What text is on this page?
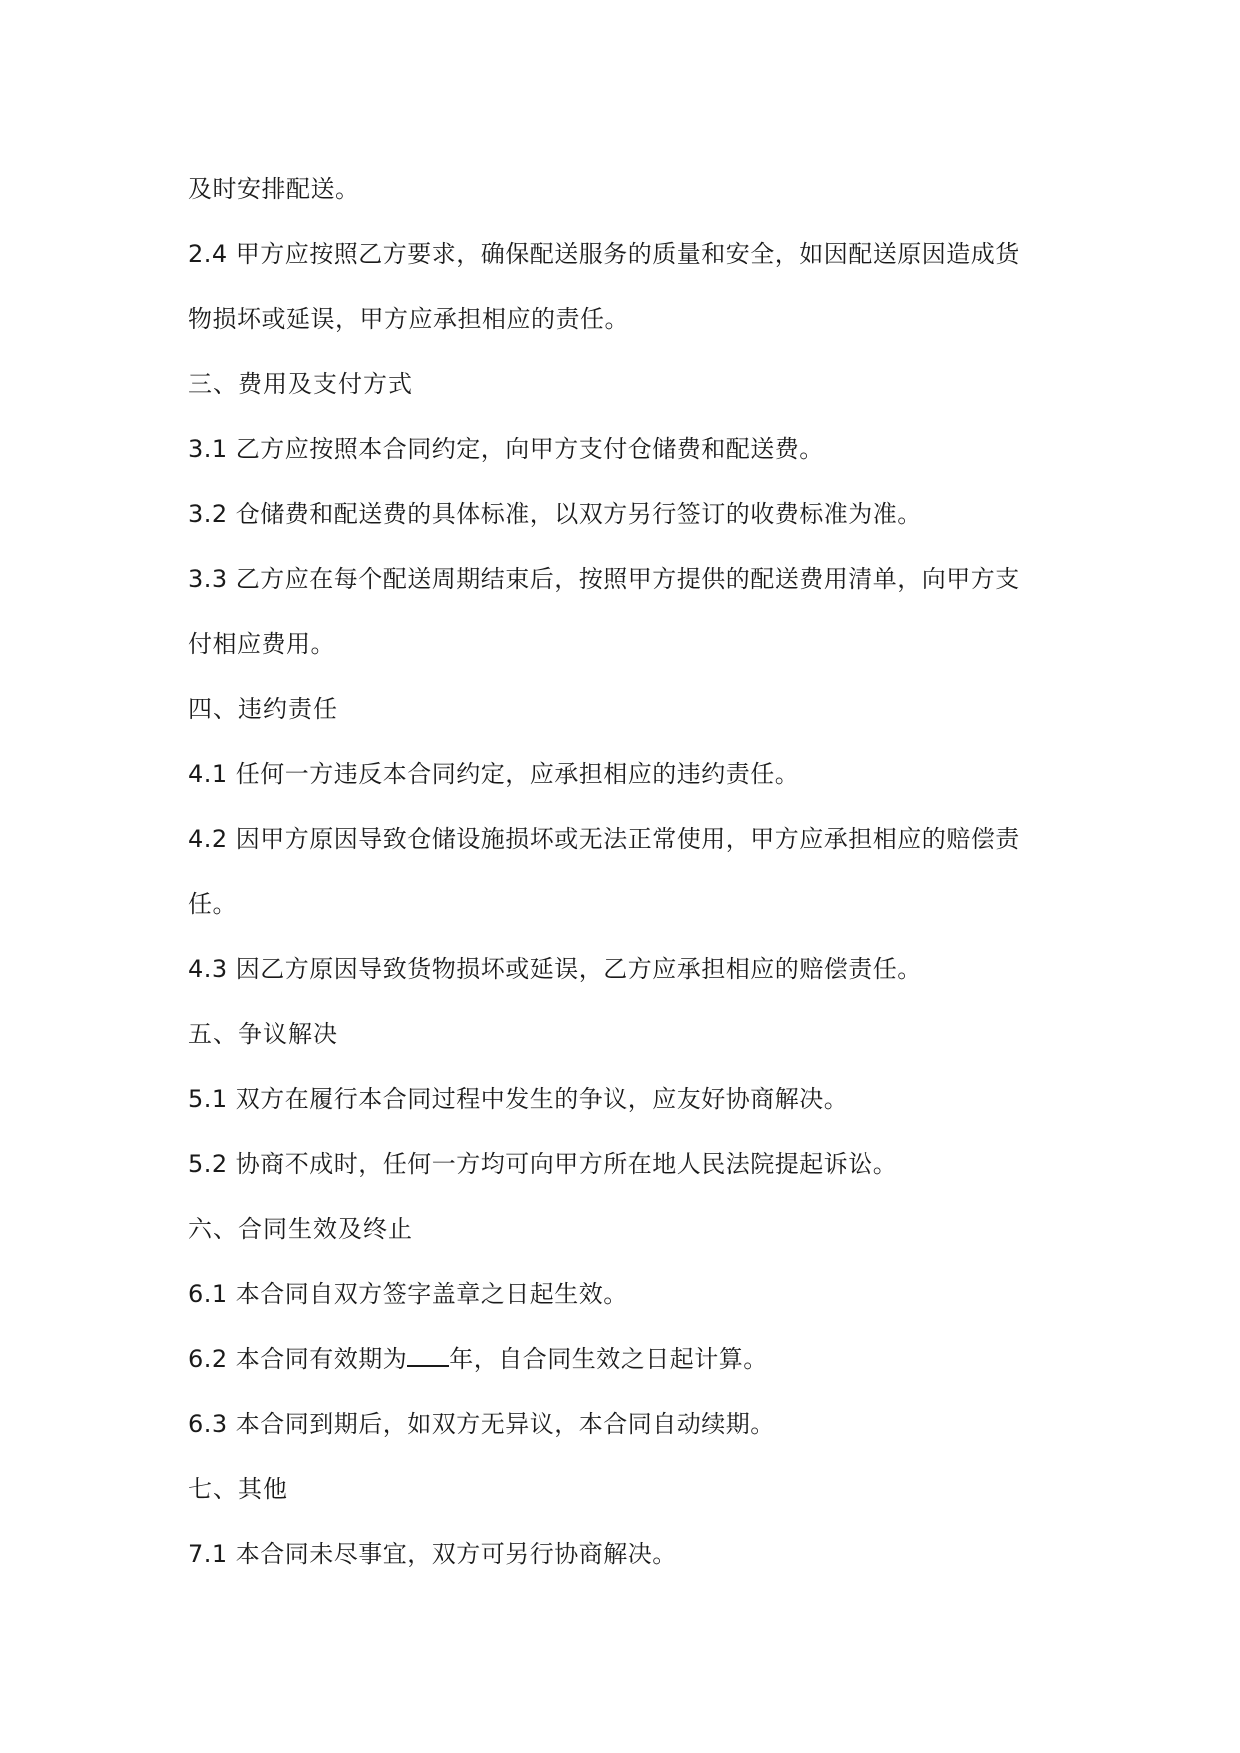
及时安排配送。
2.4 甲方应按照乙方要求，确保配送服务的质量和安全，如因配送原因造成货
物损坏或延误，甲方应承担相应的责任。
三、费用及支付方式
3.1 乙方应按照本合同约定，向甲方支付仓储费和配送费。
3.2 仓储费和配送费的具体标准，以双方另行签订的收费标准为准。
3.3 乙方应在每个配送周期结束后，按照甲方提供的配送费用清单，向甲方支
付相应费用。
四、违约责任
4.1 任何一方违反本合同约定，应承担相应的违约责任。
4.2 因甲方原因导致仓储设施损坏或无法正常使用，甲方应承担相应的赔偿责
任。
4.3 因乙方原因导致货物损坏或延误，乙方应承担相应的赔偿责任。
五、争议解决
5.1 双方在履行本合同过程中发生的争议，应友好协商解决。
5.2 协商不成时，任何一方均可向甲方所在地人民法院提起诉讼。
六、合同生效及终止
6.1 本合同自双方签字盖章之日起生效。
6.2 本合同有效期为 年，自合同生效之日起计算。
6.3 本合同到期后，如双方无异议，本合同自动续期。
七、其他
7.1 本合同未尽事宜，双方可另行协商解决。
